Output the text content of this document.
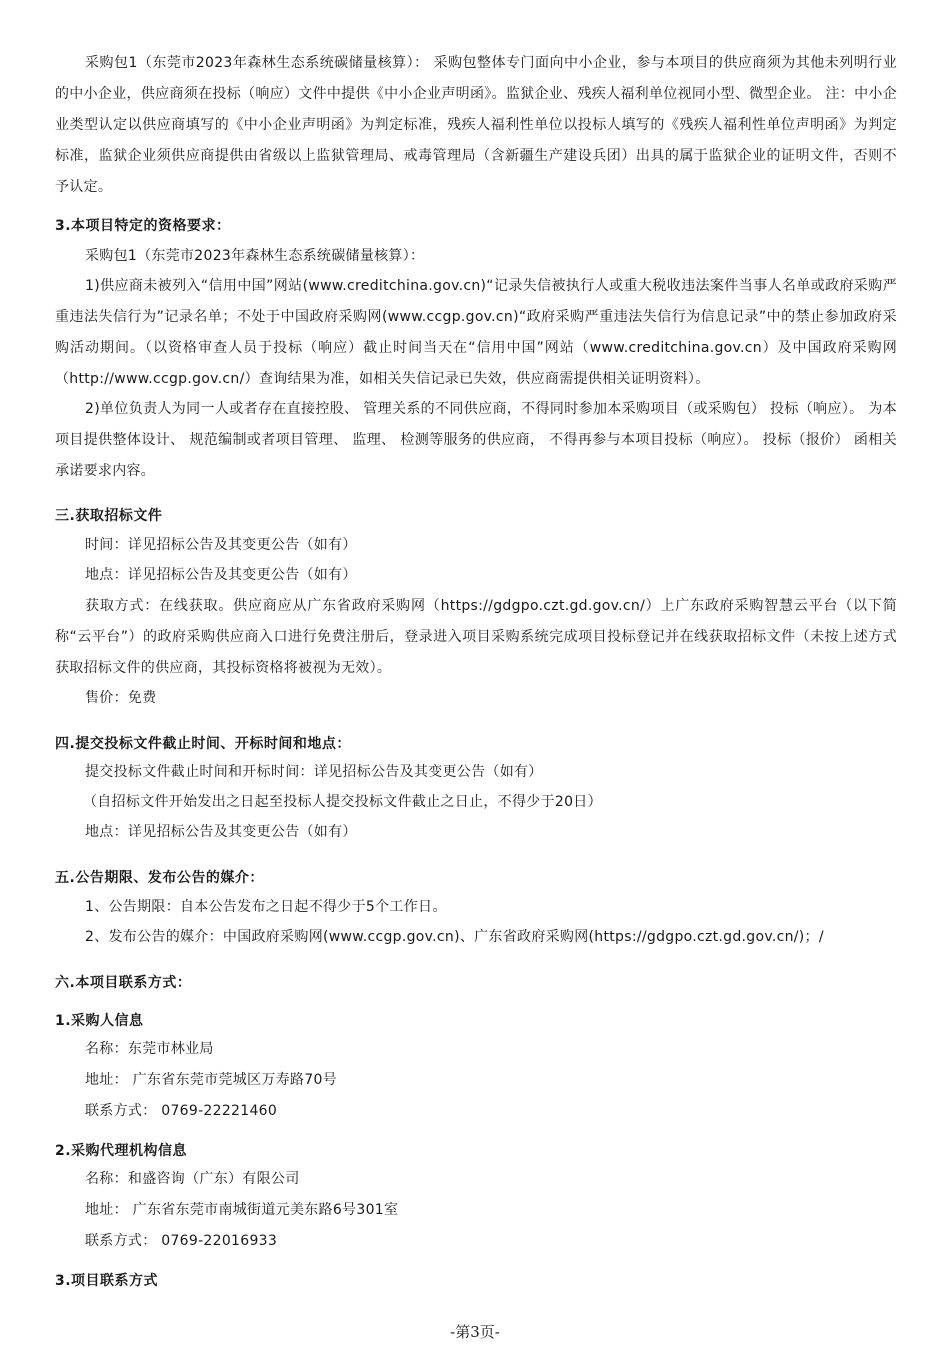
采购包1（东莞市2023年森林生态系统碳储量核算）： 采购包整体专门面向中小企业，参与本项目的供应商须为其他未列明行业的中小企业，供应商须在投标（响应）文件中提供《中小企业声明函》。监狱企业、残疾人福利单位视同小型、微型企业。 注：中小企业类型认定以供应商填写的《中小企业声明函》为判定标准，残疾人福利性单位以投标人填写的《残疾人福利性单位声明函》为判定标准，监狱企业须供应商提供由省级以上监狱管理局、戒毒管理局（含新疆生产建设兵团）出具的属于监狱企业的证明文件，否则不予认定。

3.本项目特定的资格要求：

采购包1（东莞市2023年森林生态系统碳储量核算）：

1)供应商未被列入“信用中国”网站(www.creditchina.gov.cn)“记录失信被执行人或重大税收违法案件当事人名单或政府采购严重违法失信行为”记录名单；不处于中国政府采购网(www.ccgp.gov.cn)“政府采购严重违法失信行为信息记录”中的禁止参加政府采购活动期间。（以资格审查人员于投标（响应）截止时间当天在“信用中国”网站（www.creditchina.gov.cn）及中国政府采购网（http://www.ccgp.gov.cn/）查询结果为准，如相关失信记录已失效，供应商需提供相关证明资料）。

2)单位负责人为同一人或者存在直接控股、 管理关系的不同供应商，不得同时参加本采购项目（或采购包） 投标（响应）。 为本项目提供整体设计、 规范编制或者项目管理、 监理、 检测等服务的供应商， 不得再参与本项目投标（响应）。 投标（报价） 函相关承诺要求内容。

三.获取招标文件

时间：详见招标公告及其变更公告（如有）

地点：详见招标公告及其变更公告（如有）

获取方式：在线获取。供应商应从广东省政府采购网（https://gdgpo.czt.gd.gov.cn/）上广东政府采购智慧云平台（以下简称“云平台”）的政府采购供应商入口进行免费注册后，登录进入项目采购系统完成项目投标登记并在线获取招标文件（未按上述方式获取招标文件的供应商，其投标资格将被视为无效）。

售价：免费

四.提交投标文件截止时间、开标时间和地点：

提交投标文件截止时间和开标时间：详见招标公告及其变更公告（如有）

（自招标文件开始发出之日起至投标人提交投标文件截止之日止，不得少于20日）

地点：详见招标公告及其变更公告（如有）

五.公告期限、发布公告的媒介：

1、公告期限：自本公告发布之日起不得少于5个工作日。

2、发布公告的媒介：中国政府采购网(www.ccgp.gov.cn)、广东省政府采购网(https://gdgpo.czt.gd.gov.cn/)；/

六.本项目联系方式：

1.采购人信息

名称：东莞市林业局

地址： 广东省东莞市莞城区万寿路70号

联系方式： 0769-22221460

2.采购代理机构信息

名称：和盛咨询（广东）有限公司

地址： 广东省东莞市南城街道元美东路6号301室

联系方式： 0769-22016933

3.项目联系方式

-第3页-
